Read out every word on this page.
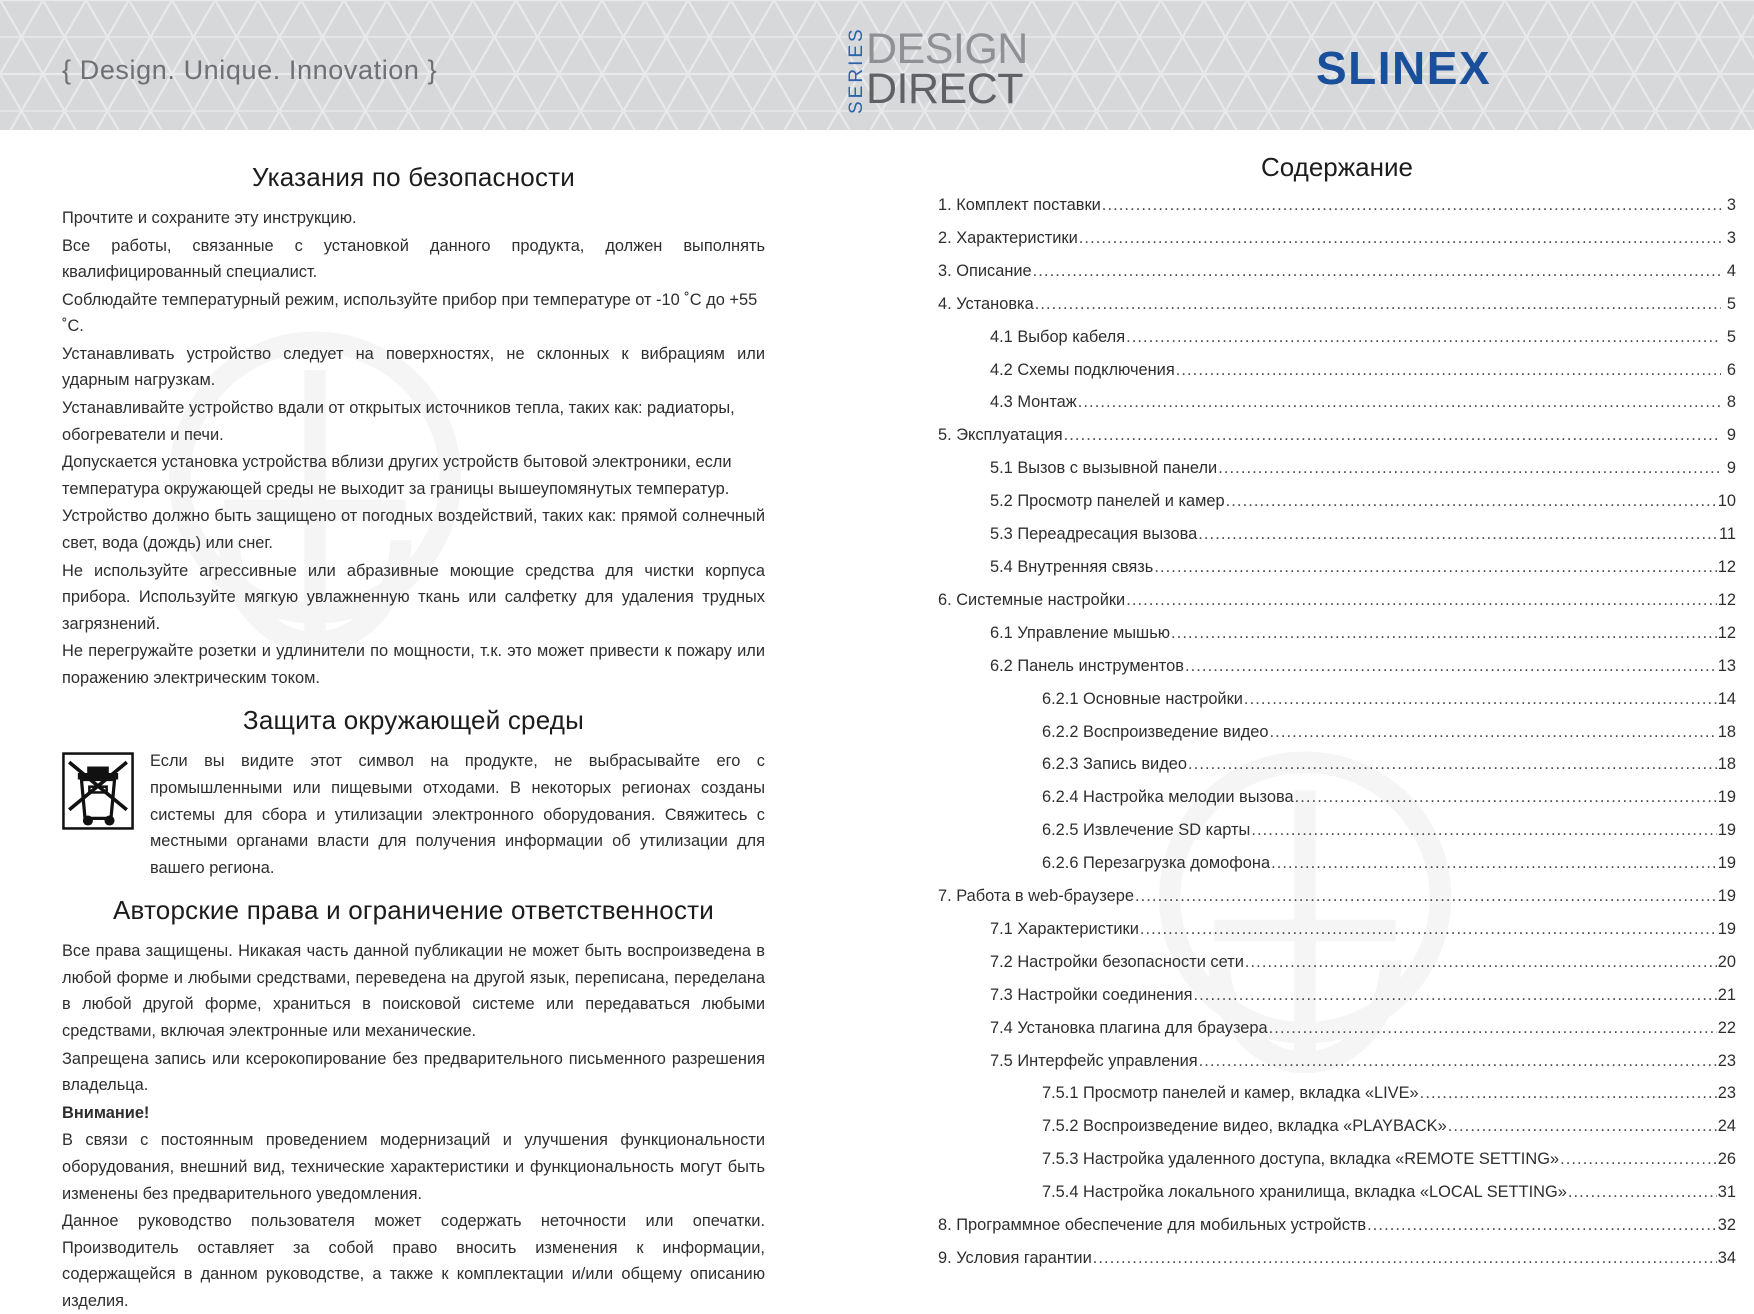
{ Design. Unique. Innovation }	SERIES DESIGN
DIRECT	SLINEX
Указания по безопасности

Прочтите и сохраните эту инструкцию.

Все работы, связанные с установкой данного продукта, должен выполнять квалифицированный специалист.

Соблюдайте температурный режим, используйте прибор при температуре от -10 ˚С до +55 ˚С.

Устанавливать устройство следует на поверхностях, не склонных к вибрациям или ударным нагрузкам.

Устанавливайте устройство вдали от открытых источников тепла, таких как: радиаторы, обогреватели и печи.

Допускается установка устройства вблизи других устройств бытовой электроники, если температура окружающей среды не выходит за границы вышеупомянутых температур.

Устройство должно быть защищено от погодных воздействий, таких как: прямой солнечный свет, вода (дождь) или снег.

Не используйте агрессивные или абразивные моющие средства для чистки корпуса прибора. Используйте мягкую увлажненную ткань или салфетку для удаления трудных загрязнений.

Не перегружайте розетки и удлинители по мощности, т.к. это может привести к пожару или поражению электрическим током.

Защита окружающей среды
Если вы видите этот символ на продукте, не выбрасывайте его с промышленными или пищевыми отходами. В некоторых регионах созданы системы для сбора и утилизации электронного оборудования. Свяжитесь с местными органами власти для получения информации об утилизации для вашего региона.
Авторские права и ограничение ответственности

Все права защищены. Никакая часть данной публикации не может быть воспроизведена в любой форме и любыми средствами, переведена на другой язык, переписана, переделана в любой другой форме, храниться в поисковой системе или передаваться любыми средствами, включая электронные или механические.

Запрещена запись или ксерокопирование без предварительного письменного разрешения владельца.

Внимание!

В связи с постоянным проведением модернизаций и улучшения функциональности оборудования, внешний вид, технические характеристики и функциональность могут быть изменены без предварительного уведомления.

Данное руководство пользователя может содержать неточности или опечатки. Производитель оставляет за собой право вносить изменения к информации, содержащейся в данном руководстве, а также к комплектации и/или общему описанию изделия.

Содержание
1. Комплект поставки .....	3
2. Характеристики .....	3
3. Описание .....	4
4. Установка .....	5
4.1 Выбор кабеля .....	5
4.2 Схемы подключения .....	6
4.3 Монтаж .....	8
5. Эксплуатация .....	9
5.1 Вызов с вызывной панели .....	9
5.2 Просмотр панелей и камер .....	10
5.3 Переадресация вызова .....	11
5.4 Внутренняя связь .....	12
6. Системные настройки .....	12
6.1 Управление мышью .....	12
6.2 Панель инструментов .....	13
6.2.1 Основные настройки .....	14
6.2.2 Воспроизведение видео .....	18
6.2.3 Запись видео .....	18
6.2.4 Настройка мелодии вызова .....	19
6.2.5 Извлечение SD карты .....	19
6.2.6 Перезагрузка домофона .....	19
7. Работа в web-браузере .....	19
7.1 Характеристики .....	19
7.2 Настройки безопасности сети .....	20
7.3 Настройки соединения .....	21
7.4 Установка плагина для браузера .....	22
7.5 Интерфейс управления .....	23
7.5.1 Просмотр панелей и камер, вкладка «LIVE» .....	23
7.5.2 Воспроизведение видео, вкладка «PLAYBACK» .....	24
7.5.3 Настройка удаленного доступа, вкладка «REMOTE SETTING» .....	26
7.5.4 Настройка локального хранилища, вкладка «LOCAL SETTING» .....	31
8. Программное обеспечение для мобильных устройств .....	32
9. Условия гарантии .....	34
